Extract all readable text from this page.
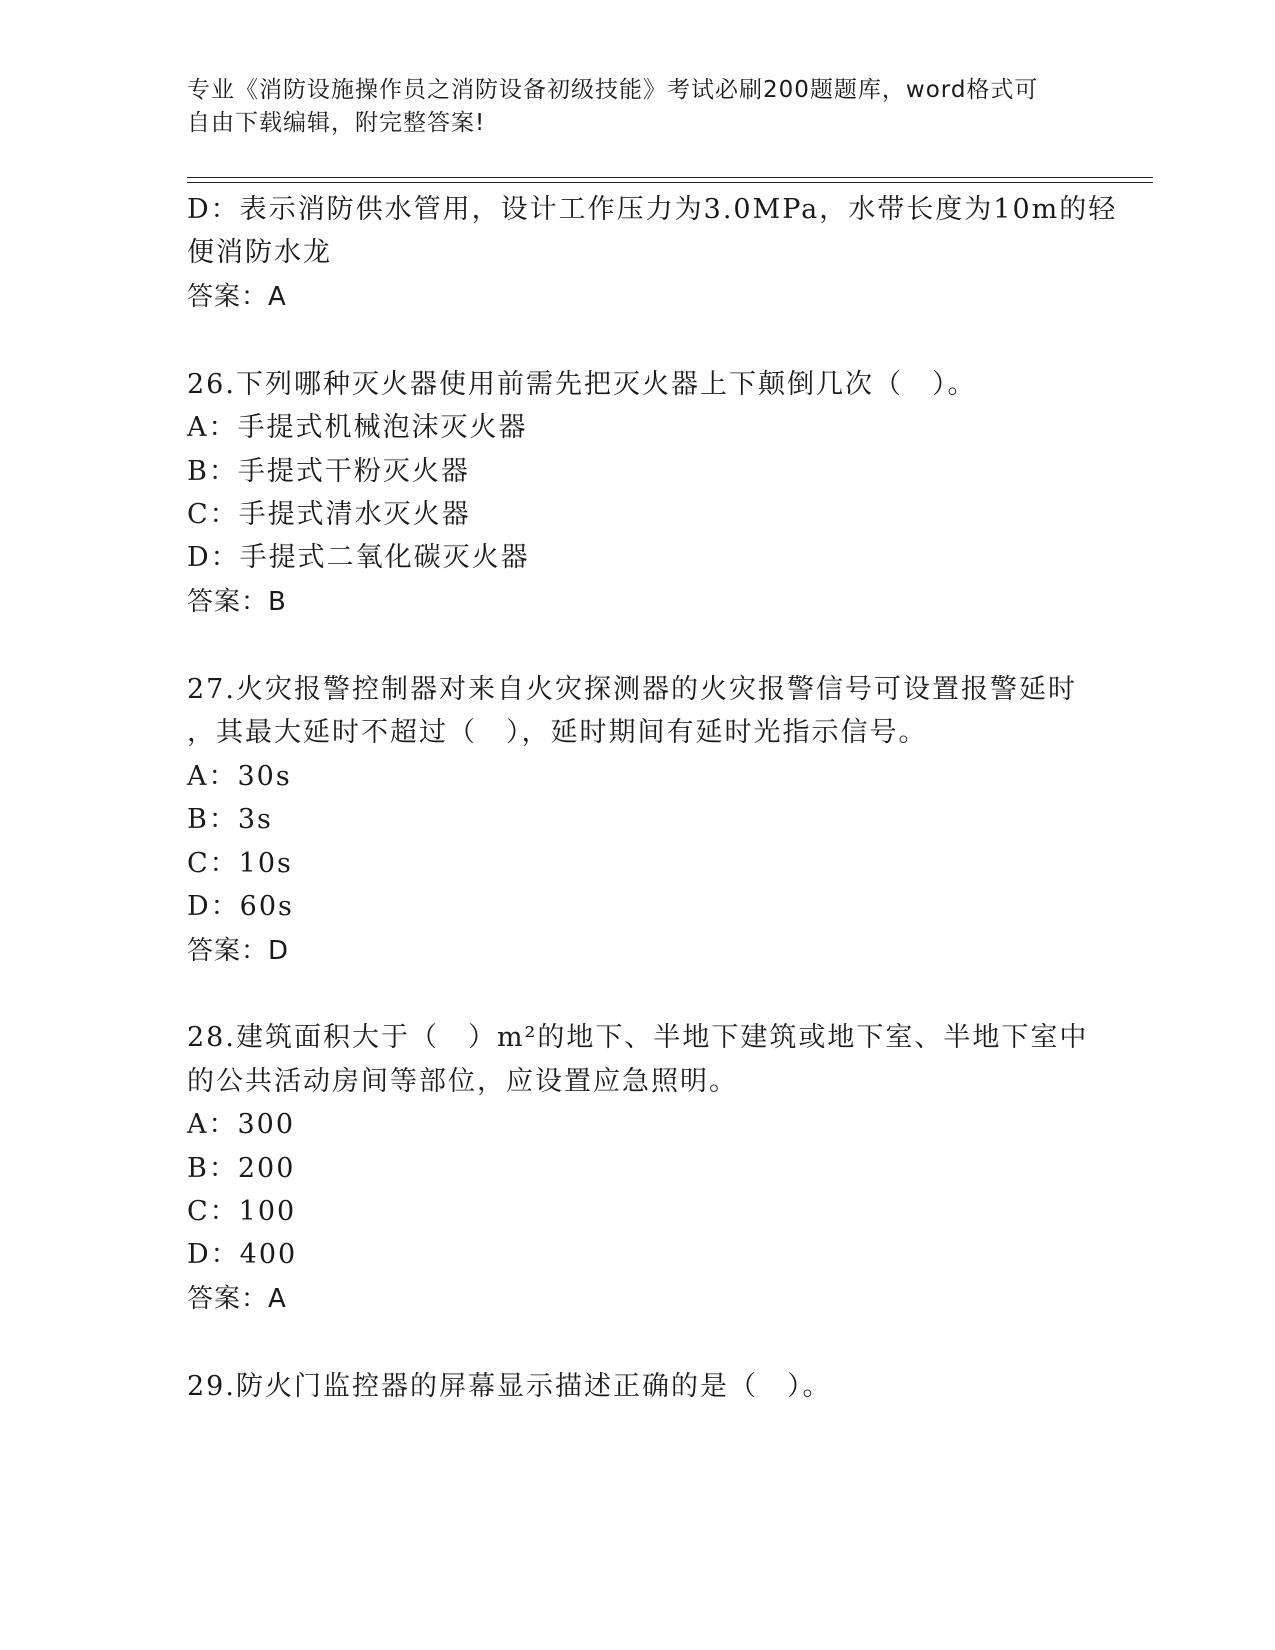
专业《消防设施操作员之消防设备初级技能》考试必刷200题题库，word格式可
自由下载编辑，附完整答案!
D：表示消防供水管用，设计工作压力为3.0MPa，水带长度为10m的轻
便消防水龙
答案：A
26.下列哪种灭火器使用前需先把灭火器上下颠倒几次（　）。
A：手提式机械泡沫灭火器
B：手提式干粉灭火器
C：手提式清水灭火器
D：手提式二氧化碳灭火器
答案：B
27.火灾报警控制器对来自火灾探测器的火灾报警信号可设置报警延时
，其最大延时不超过（　），延时期间有延时光指示信号。
A：30s
B：3s
C：10s
D：60s
答案：D
28.建筑面积大于（　）m²的地下、半地下建筑或地下室、半地下室中
的公共活动房间等部位，应设置应急照明。
A：300
B：200
C：100
D：400
答案：A
29.防火门监控器的屏幕显示描述正确的是（　）。
